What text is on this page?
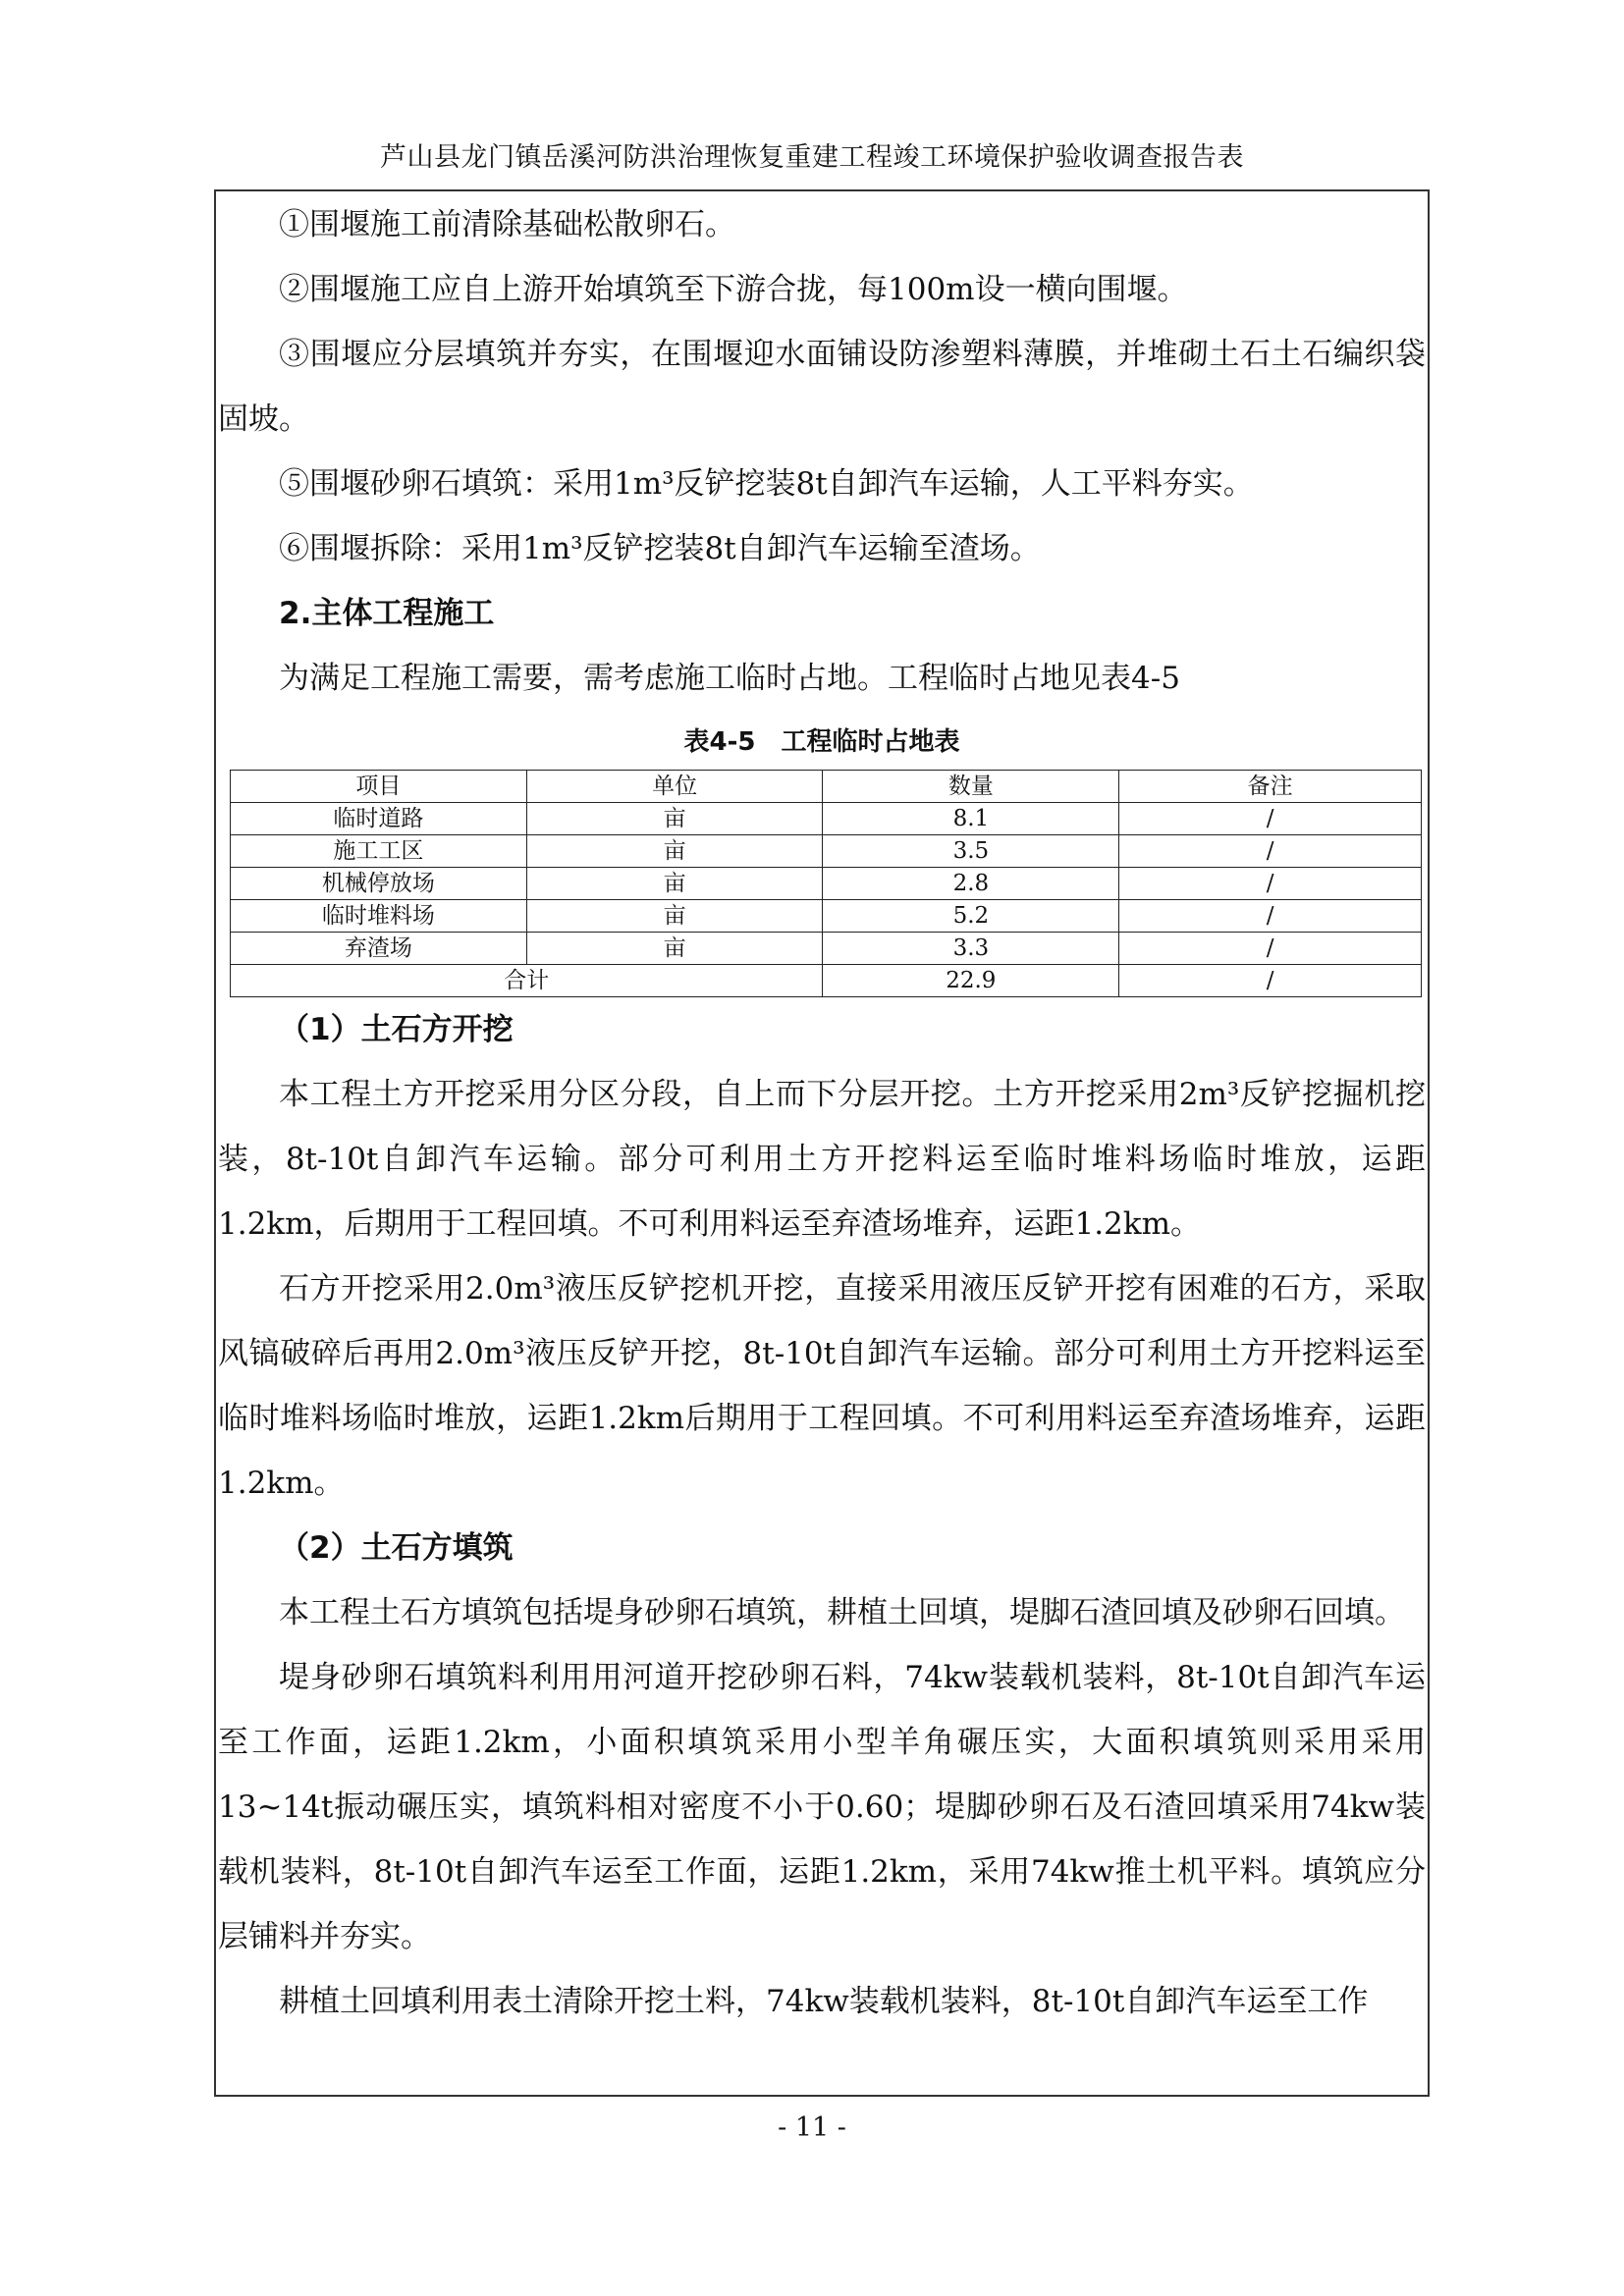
芦山县龙门镇岳溪河防洪治理恢复重建工程竣工环境保护验收调查报告表

①围堰施工前清除基础松散卵石。

②围堰施工应自上游开始填筑至下游合拢，每100m设一横向围堰。

③围堰应分层填筑并夯实，在围堰迎水面铺设防渗塑料薄膜，并堆砌土石土石编织袋固坡。

⑤围堰砂卵石填筑：采用1m³反铲挖装8t自卸汽车运输，人工平料夯实。

⑥围堰拆除：采用1m³反铲挖装8t自卸汽车运输至渣场。

2.主体工程施工

为满足工程施工需要，需考虑施工临时占地。工程临时占地见表4-5

表4-5　工程临时占地表
项目	单位	数量	备注
临时道路	亩	8.1	/
施工工区	亩	3.5	/
机械停放场	亩	2.8	/
临时堆料场	亩	5.2	/
弃渣场	亩	3.3	/
合计		22.9	/

（1）土石方开挖

本工程土方开挖采用分区分段，自上而下分层开挖。土方开挖采用2m³反铲挖掘机挖装，8t-10t自卸汽车运输。部分可利用土方开挖料运至临时堆料场临时堆放，运距1.2km，后期用于工程回填。不可利用料运至弃渣场堆弃，运距1.2km。

石方开挖采用2.0m³液压反铲挖机开挖，直接采用液压反铲开挖有困难的石方，采取风镐破碎后再用2.0m³液压反铲开挖，8t-10t自卸汽车运输。部分可利用土方开挖料运至临时堆料场临时堆放，运距1.2km后期用于工程回填。不可利用料运至弃渣场堆弃，运距1.2km。

（2）土石方填筑

本工程土石方填筑包括堤身砂卵石填筑，耕植土回填，堤脚石渣回填及砂卵石回填。

堤身砂卵石填筑料利用用河道开挖砂卵石料，74kw装载机装料，8t-10t自卸汽车运至工作面，运距1.2km，小面积填筑采用小型羊角碾压实，大面积填筑则采用采用13~14t振动碾压实，填筑料相对密度不小于0.60；堤脚砂卵石及石渣回填采用74kw装载机装料，8t-10t自卸汽车运至工作面，运距1.2km，采用74kw推土机平料。填筑应分层铺料并夯实。

耕植土回填利用表土清除开挖土料，74kw装载机装料，8t-10t自卸汽车运至工作

- 11 -
